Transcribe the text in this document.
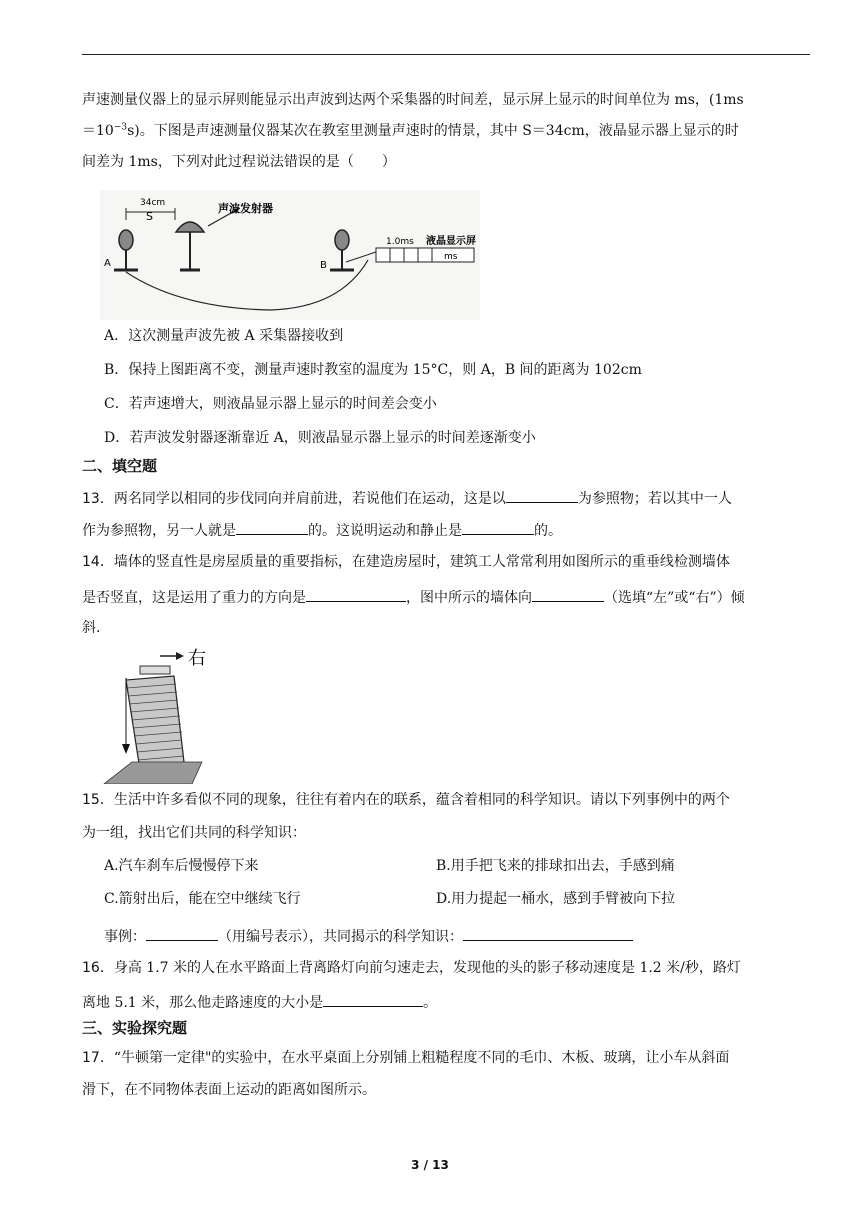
声速测量仪器上的显示屏则能显示出声波到达两个采集器的时间差，显示屏上显示的时间单位为 ms，(1ms
$=10^{-3}s$)。下图是声速测量仪器某次在教室里测量声速时的情景，其中 S＝34cm，液晶显示器上显示的时
间差为 1ms，下列对此过程说法错误的是（　　）
34cm
S
A
声波发射器
B
ms
1.0ms 液晶显示屏
A．这次测量声波先被 A 采集器接收到
B．保持上图距离不变，测量声速时教室的温度为 15°C，则 A，B 间的距离为 102cm
C．若声速增大，则液晶显示器上显示的时间差会变小
D．若声波发射器逐渐靠近 A，则液晶显示器上显示的时间差逐渐变小
二、填空题
13．两名同学以相同的步伐同向并肩前进，若说他们在运动，这是以	为参照物；若以其中一人
作为参照物，另一人就是	的。这说明运动和静止是	的。
14．墙体的竖直性是房屋质量的重要指标，在建造房屋时，建筑工人常常利用如图所示的重垂线检测墙体
是否竖直，这是运用了重力的方向是	，图中所示的墙体向	（选填“左”或“右”）倾
斜.
右
15．生活中许多看似不同的现象，往往有着内在的联系，蕴含着相同的科学知识。请以下列事例中的两个
为一组，找出它们共同的科学知识：
A.汽车刹车后慢慢停下来	B.用手把飞来的排球扣出去，手感到痛
C.箭射出后，能在空中继续飞行	D.用力提起一桶水，感到手臂被向下拉
事例：	（用编号表示），共同揭示的科学知识：
16．身高 1.7 米的人在水平路面上背离路灯向前匀速走去，发现他的头的影子移动速度是 1.2 米/秒，路灯
离地 5.1 米，那么他走路速度的大小是	。
三、实验探究题
17．“牛顿第一定律"的实验中，在水平桌面上分别铺上粗糙程度不同的毛巾、木板、玻璃，让小车从斜面
滑下，在不同物体表面上运动的距离如图所示。
3 / 13
